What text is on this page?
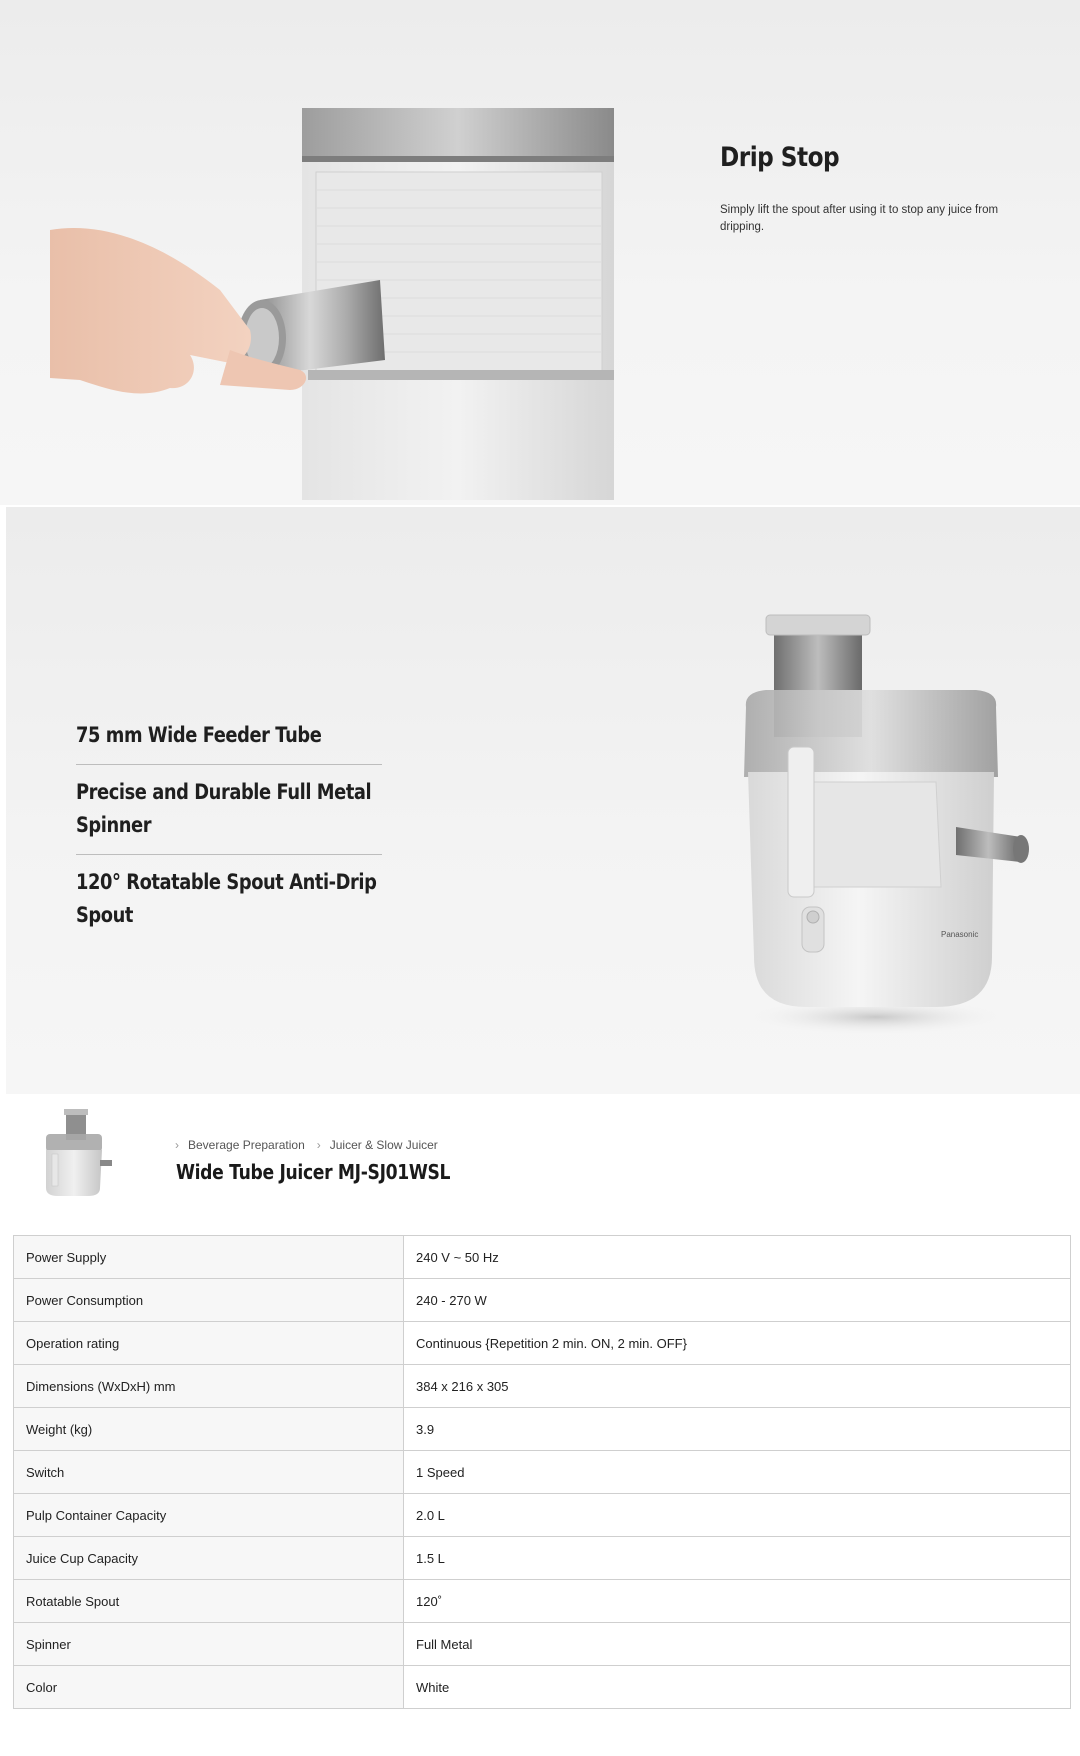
Drip Stop

Simply lift the spout after using it to stop any juice from dripping.

75 mm Wide Feeder Tube
Precise and Durable Full Metal Spinner
120° Rotatable Spout Anti-Drip Spout
Panasonic
› Beverage Preparation › Juicer & Slow Juicer
Wide Tube Juicer MJ-SJ01WSL
Power Supply	240 V ~ 50 Hz
Power Consumption	240 - 270 W
Operation rating	Continuous {Repetition 2 min. ON, 2 min. OFF}
Dimensions (WxDxH) mm	384 x 216 x 305
Weight (kg)	3.9
Switch	1 Speed
Pulp Container Capacity	2.0 L
Juice Cup Capacity	1.5 L
Rotatable Spout	120˚
Spinner	Full Metal
Color	White
